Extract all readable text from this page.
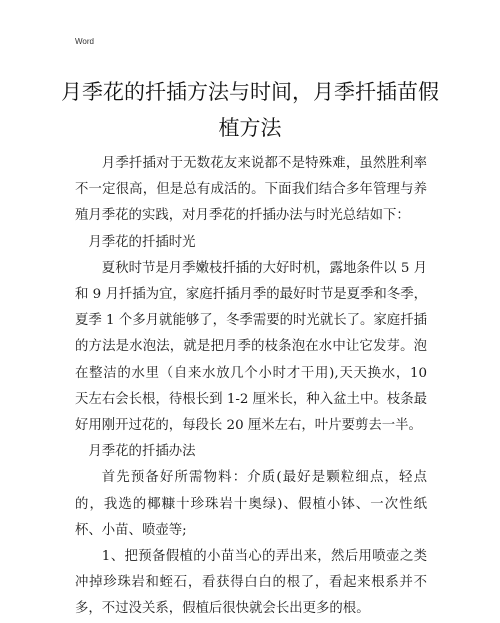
Word
月季花的扦插方法与时间，月季扦插苗假植方法

月季扦插对于无数花友来说都不是特殊难，虽然胜利率不一定很高，但是总有成活的。下面我们结合多年管理与养殖月季花的实践，对月季花的扦插办法与时光总结如下：

月季花的扦插时光

夏秋时节是月季嫩枝扦插的大好时机，露地条件以 5 月和 9 月扦插为宜，家庭扦插月季的最好时节是夏季和冬季，夏季 1 个多月就能够了，冬季需要的时光就长了。家庭扦插的方法是水泡法，就是把月季的枝条泡在水中让它发芽。泡在整洁的水里（自来水放几个小时才干用),天天换水，10 天左右会长根，待根长到 1-2 厘米长，种入盆土中。枝条最好用刚开过花的，每段长 20 厘米左右，叶片要剪去一半。

月季花的扦插办法

首先预备好所需物料：介质(最好是颗粒细点，轻点的，我选的椰糠十珍珠岩十奥绿)、假植小钵、一次性纸杯、小苗、喷壶等;

1、把预备假植的小苗当心的弄出来，然后用喷壶之类冲掉珍珠岩和蛭石，看获得白白的根了，看起来根系并不多，不过没关系，假植后很快就会长出更多的根。
